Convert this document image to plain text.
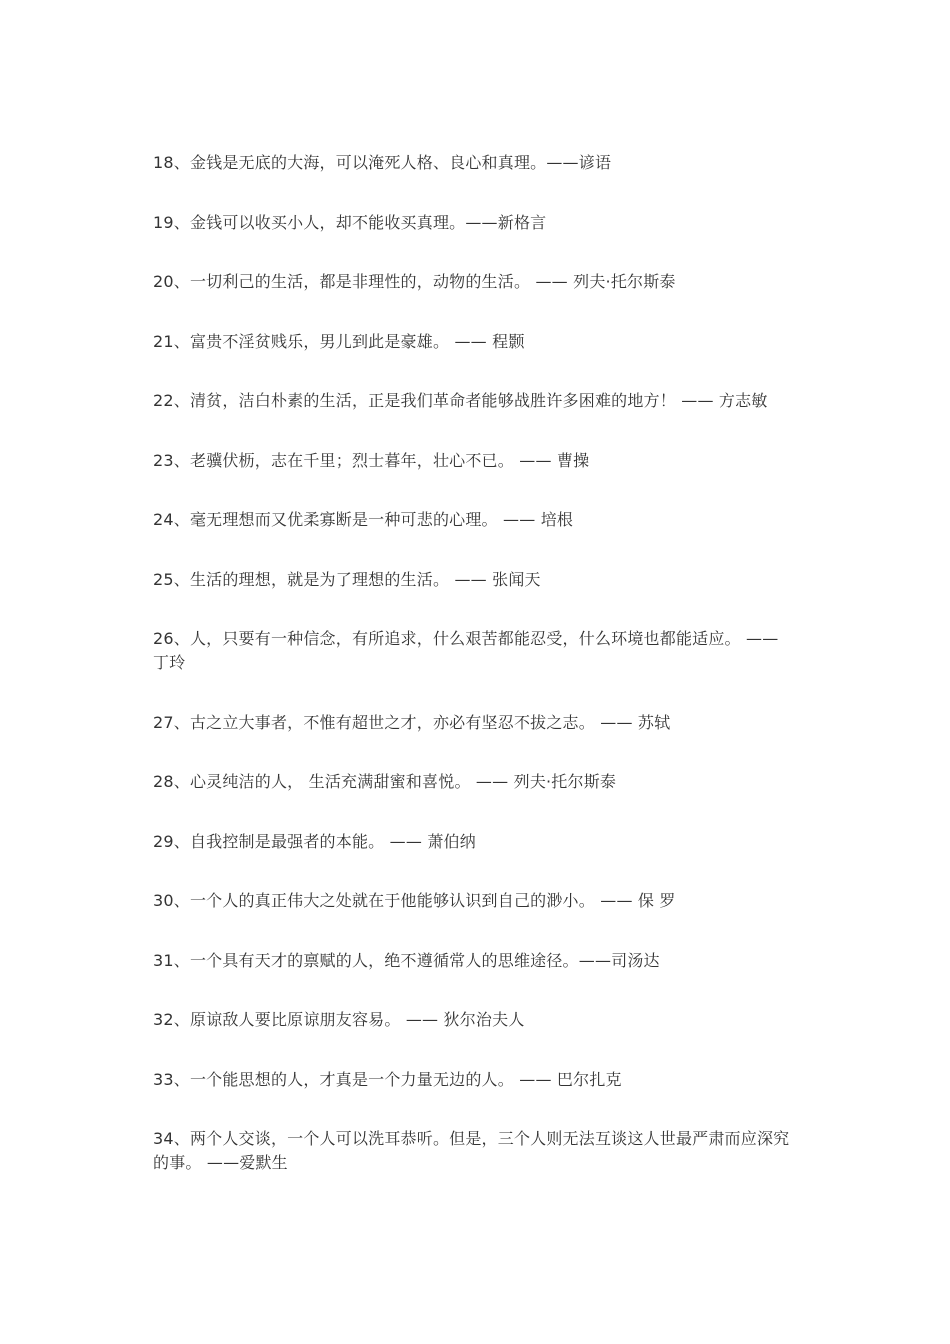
18、金钱是无底的大海，可以淹死人格、良心和真理。——谚语
19、金钱可以收买小人，却不能收买真理。——新格言
20、一切利己的生活，都是非理性的，动物的生活。 —— 列夫·托尔斯泰
21、富贵不淫贫贱乐，男儿到此是豪雄。 —— 程颢
22、清贫，洁白朴素的生活，正是我们革命者能够战胜许多困难的地方！ —— 方志敏
23、老骥伏枥，志在千里；烈士暮年，壮心不已。 —— 曹操
24、毫无理想而又优柔寡断是一种可悲的心理。 —— 培根
25、生活的理想，就是为了理想的生活。 —— 张闻天
26、人，只要有一种信念，有所追求，什么艰苦都能忍受，什么环境也都能适应。 —— 丁玲
27、古之立大事者，不惟有超世之才，亦必有坚忍不拔之志。 —— 苏轼
28、心灵纯洁的人， 生活充满甜蜜和喜悦。 —— 列夫·托尔斯泰
29、自我控制是最强者的本能。 —— 萧伯纳
30、一个人的真正伟大之处就在于他能够认识到自己的渺小。 —— 保 罗
31、一个具有天才的禀赋的人，绝不遵循常人的思维途径。——司汤达
32、原谅敌人要比原谅朋友容易。 —— 狄尔治夫人
33、一个能思想的人，才真是一个力量无边的人。 —— 巴尔扎克
34、两个人交谈，一个人可以洗耳恭听。但是，三个人则无法互谈这人世最严肃而应深究的事。 ——爱默生
